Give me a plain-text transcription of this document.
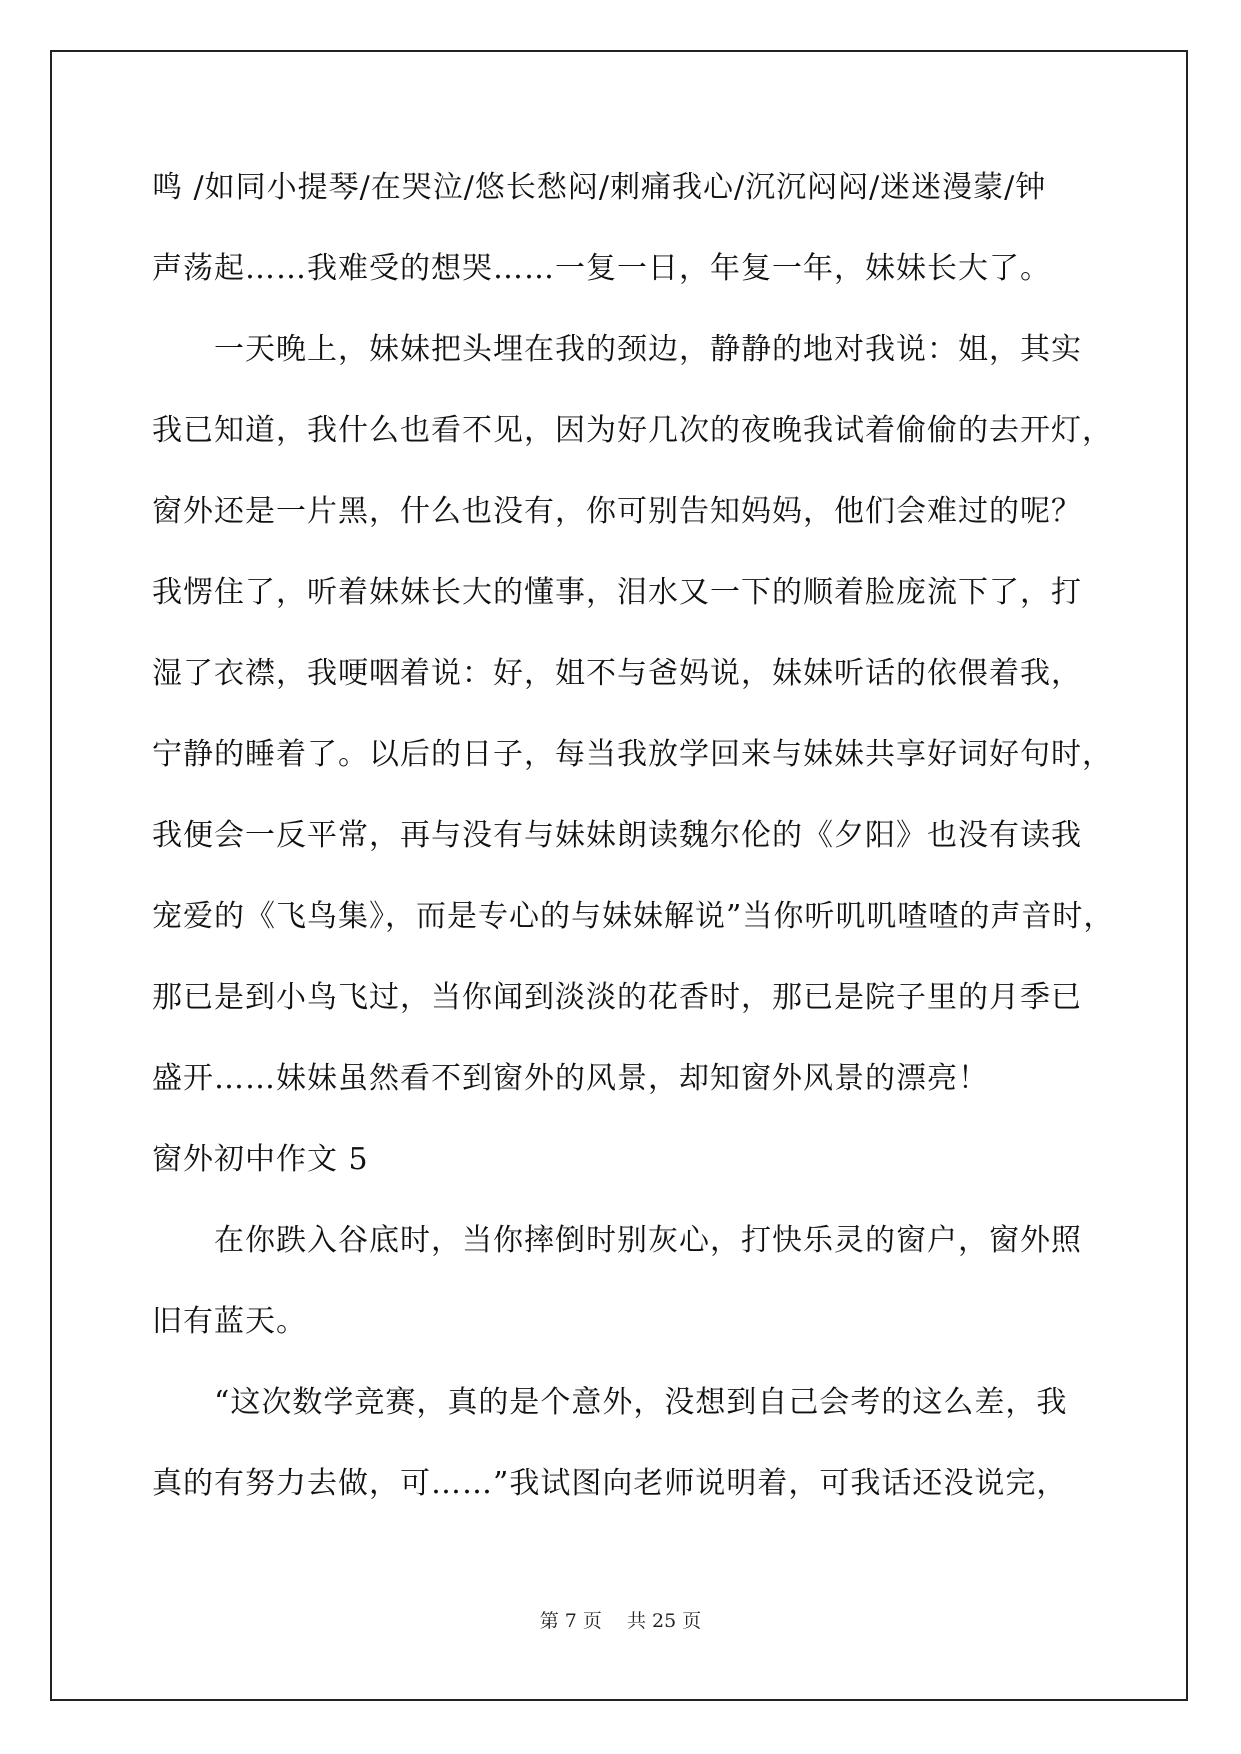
鸣 /如同小提琴/在哭泣/悠长愁闷/刺痛我心/沉沉闷闷/迷迷漫蒙/钟
声荡起……我难受的想哭……一复一日，年复一年，妹妹长大了。
　　一天晚上，妹妹把头埋在我的颈边，静静的地对我说：姐，其实
我已知道，我什么也看不见，因为好几次的夜晚我试着偷偷的去开灯，
窗外还是一片黑，什么也没有，你可别告知妈妈，他们会难过的呢？
我愣住了，听着妹妹长大的懂事，泪水又一下的顺着脸庞流下了，打
湿了衣襟，我哽咽着说：好，姐不与爸妈说，妹妹听话的依偎着我，
宁静的睡着了。以后的日子，每当我放学回来与妹妹共享好词好句时，
我便会一反平常，再与没有与妹妹朗读魏尔伦的《夕阳》也没有读我
宠爱的《飞鸟集》，而是专心的与妹妹解说”当你听叽叽喳喳的声音时，
那已是到小鸟飞过，当你闻到淡淡的花香时，那已是院子里的月季已
盛开……妹妹虽然看不到窗外的风景，却知窗外风景的漂亮！
窗外初中作文 5
　　在你跌入谷底时，当你摔倒时别灰心，打快乐灵的窗户，窗外照
旧有蓝天。
　　“这次数学竞赛，真的是个意外，没想到自己会考的这么差，我
真的有努力去做，可……”我试图向老师说明着，可我话还没说完，
第 7 页　 共 25 页
